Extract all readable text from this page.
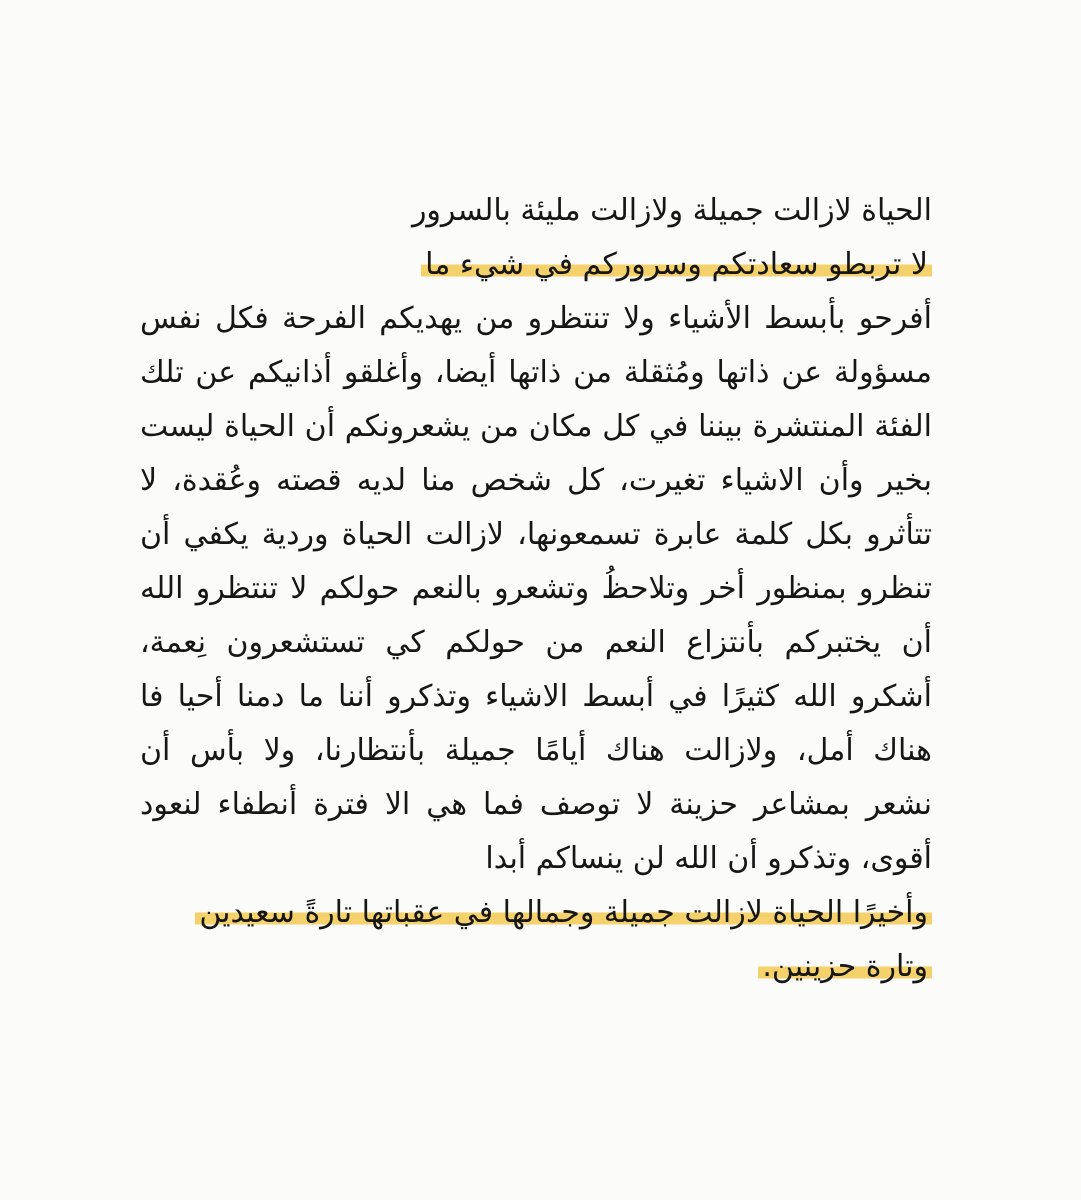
الحياة لازالت جميلة ولازالت مليئة بالسرور
لا تربطو سعادتكم وسروركم في شيء ما
أفرحو بأبسط الأشياء ولا تنتظرو من يهديكم الفرحة فكل نفس
مسؤولة عن ذاتها ومُثقلة من ذاتها أيضا، وأغلقو أذانيكم عن تلك
الفئة المنتشرة بيننا في كل مكان من يشعرونكم أن الحياة ليست
بخير وأن الاشياء تغيرت، كل شخص منا لديه قصته وعُقدة، لا
تتأثرو بكل كلمة عابرة تسمعونها، لازالت الحياة وردية يكفي أن
تنظرو بمنظور أخر وتلاحظُ وتشعرو بالنعم حولكم لا تنتظرو الله
أن يختبركم بأنتزاع النعم من حولكم كي تستشعرون نِعمة،
أشكرو الله كثيرًا في أبسط الاشياء وتذكرو أننا ما دمنا أحيا فا
هناك أمل، ولازالت هناك أيامًا جميلة بأنتظارنا، ولا بأس أن
نشعر بمشاعر حزينة لا توصف فما هي الا فترة أنطفاء لنعود
أقوى، وتذكرو أن الله لن ينساكم أبدا
وأخيرًا الحياة لازالت جميلة وجمالها في عقباتها تارةً سعيدين
وتارة حزينين.
